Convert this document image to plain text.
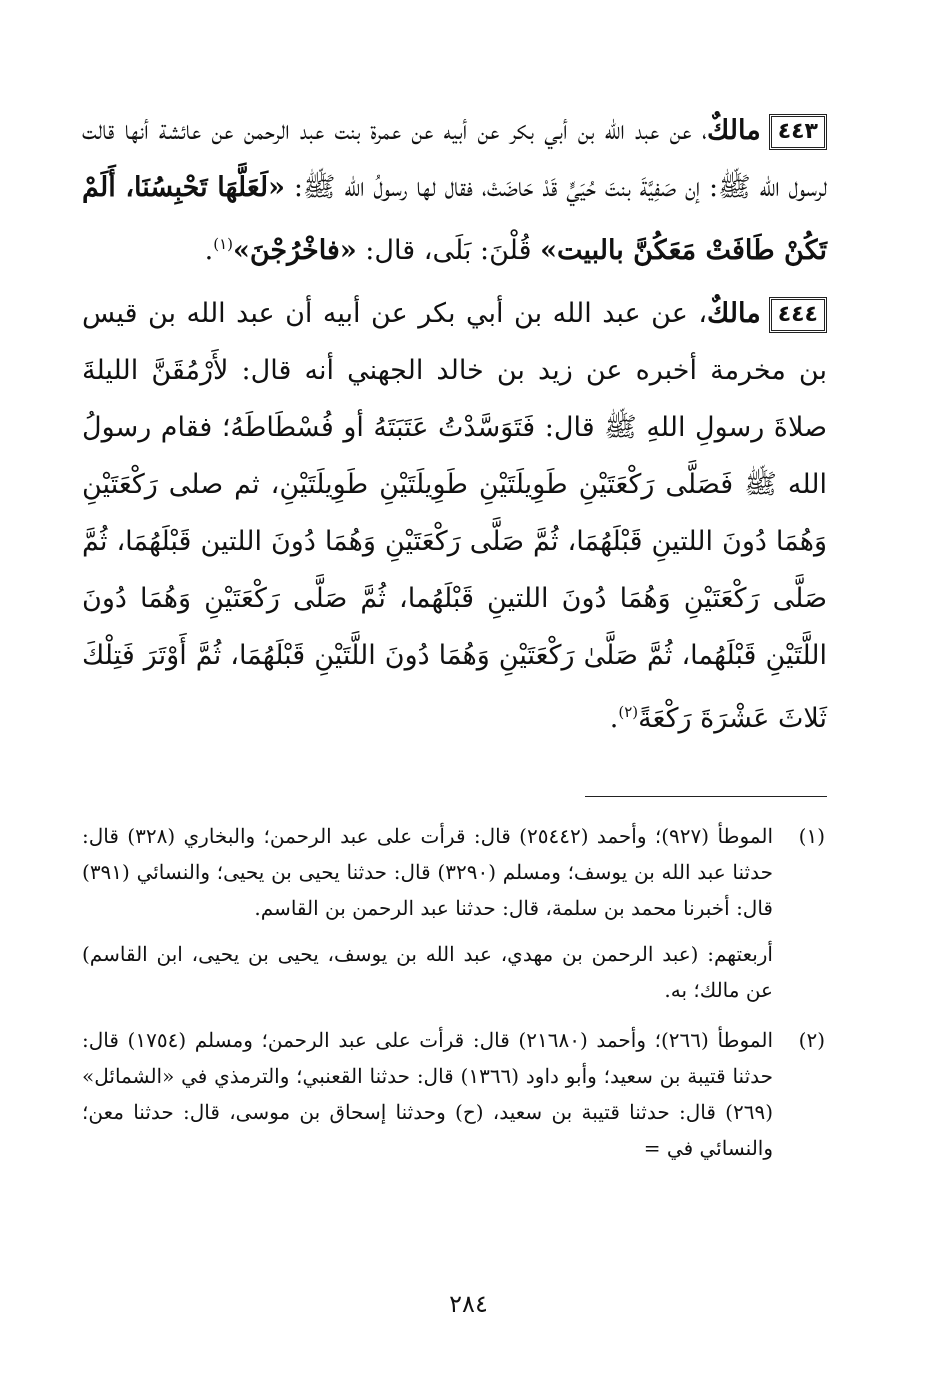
٤٤٣مالكٌ، عن عبد الله بن أبي بكر عن أبيه عن عمرة بنت عبد الرحمن عن عائشة أنها قالت لرسول الله ﷺ: إن صَفِيَّةَ بنتَ حُيَيٍّ قَدْ حَاضَتْ، فقال لها رسولُ الله ﷺ: «لَعَلَّهَا تَحْبِسُنَا، أَلَمْ تَكُنْ طَافَتْ مَعَكُنَّ بالبيت» قُلْنَ: بَلَى، قال: «فاخْرُجْنَ»$^{(١)}$.

٤٤٤مالكٌ، عن عبد الله بن أبي بكر عن أبيه أن عبد الله بن قيس بن مخرمة أخبره عن زيد بن خالد الجهني أنه قال: لأَرْمُقَنَّ الليلةَ صلاةَ رسولِ اللهِ ﷺ قال: فَتَوَسَّدْتُ عَتَبَتَهُ أو فُسْطَاطَهُ؛ فقام رسولُ الله ﷺ فَصَلَّى رَكْعَتَيْنِ طَوِيلَتَيْنِ طَوِيلَتَيْنِ طَوِيلَتَيْنِ، ثم صلى رَكْعَتَيْنِ وَهُمَا دُونَ اللتينِ قَبْلَهُمَا، ثُمَّ صَلَّى رَكْعَتَيْنِ وَهُمَا دُونَ اللتين قَبْلَهُمَا، ثُمَّ صَلَّى رَكْعَتَيْنِ وَهُمَا دُونَ اللتينِ قَبْلَهُما، ثُمَّ صَلَّى رَكْعَتَيْنِ وَهُمَا دُونَ اللَّتَيْنِ قَبْلَهُما، ثُمَّ صَلَّىٰ رَكْعَتَيْنِ وَهُمَا دُونَ اللَّتَيْنِ قَبْلَهُمَا، ثُمَّ أَوْتَرَ فَتِلْكَ ثَلاثَ عَشْرَةَ رَكْعَةً$^{(٢)}$.

(١)
الموطأ (٩٢٧)؛ وأحمد (٢٥٤٤٢) قال: قرأت على عبد الرحمن؛ والبخاري (٣٢٨) قال: حدثنا عبد الله بن يوسف؛ ومسلم (٣٢٩٠) قال: حدثنا يحيى بن يحيى؛ والنسائي (٣٩١) قال: أخبرنا محمد بن سلمة، قال: حدثنا عبد الرحمن بن القاسم.
أربعتهم: (عبد الرحمن بن مهدي، عبد الله بن يوسف، يحيى بن يحيى، ابن القاسم) عن مالك؛ به.
(٢)
الموطأ (٢٦٦)؛ وأحمد (٢١٦٨٠) قال: قرأت على عبد الرحمن؛ ومسلم (١٧٥٤) قال: حدثنا قتيبة بن سعيد؛ وأبو داود (١٣٦٦) قال: حدثنا القعنبي؛ والترمذي في «الشمائل» (٢٦٩) قال: حدثنا قتيبة بن سعيد، (ح) وحدثنا إسحاق بن موسى، قال: حدثنا معن؛ والنسائي في =
٢٨٤
